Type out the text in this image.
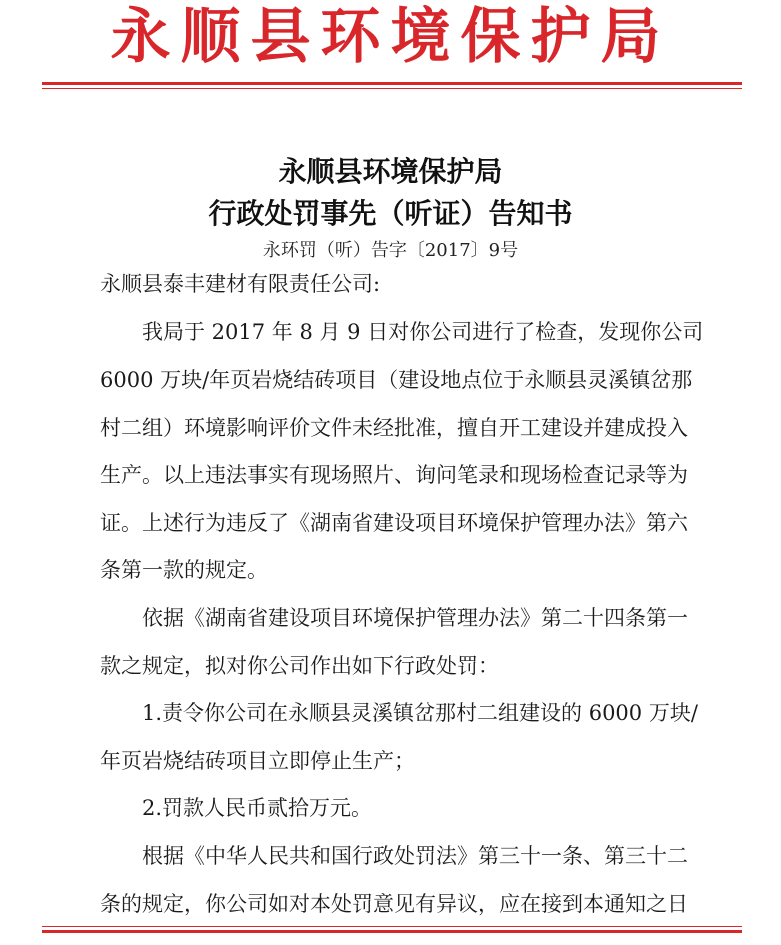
永顺县环境保护局
永顺县环境保护局
行政处罚事先（听证）告知书
永环罚（听）告字〔2017〕9号
永顺县泰丰建材有限责任公司:
我局于 2017 年 8 月 9 日对你公司进行了检查，发现你公司
6000 万块/年页岩烧结砖项目（建设地点位于永顺县灵溪镇岔那
村二组）环境影响评价文件未经批准，擅自开工建设并建成投入
生产。以上违法事实有现场照片、询问笔录和现场检查记录等为
证。上述行为违反了《湖南省建设项目环境保护管理办法》第六
条第一款的规定。
依据《湖南省建设项目环境保护管理办法》第二十四条第一
款之规定，拟对你公司作出如下行政处罚：
1.责令你公司在永顺县灵溪镇岔那村二组建设的 6000 万块/
年页岩烧结砖项目立即停止生产；
2.罚款人民币贰拾万元。
根据《中华人民共和国行政处罚法》第三十一条、第三十二
条的规定，你公司如对本处罚意见有异议，应在接到本通知之日
